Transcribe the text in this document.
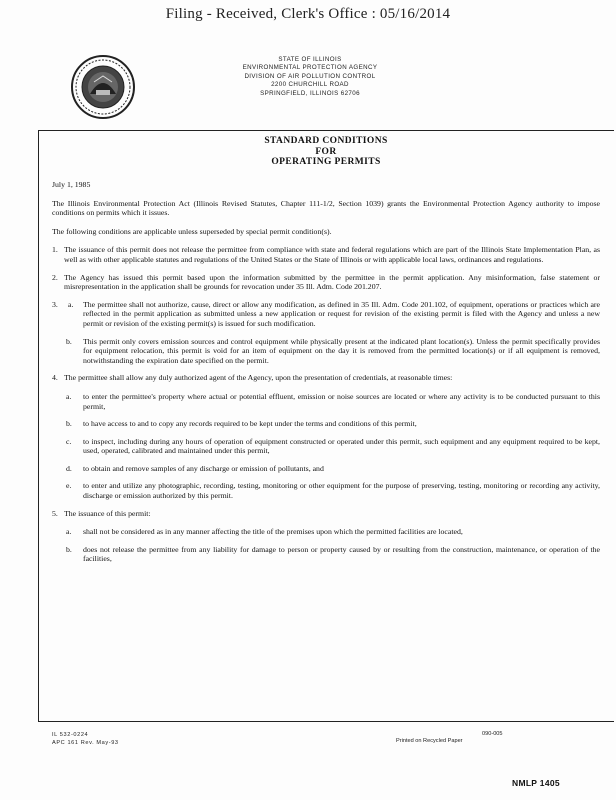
Filing - Received, Clerk's Office : 05/16/2014
STATE OF ILLINOIS
ENVIRONMENTAL PROTECTION AGENCY
DIVISION OF AIR POLLUTION CONTROL
2200 CHURCHILL ROAD
SPRINGFIELD, ILLINOIS 62706
STANDARD CONDITIONS
FOR
OPERATING PERMITS

July 1, 1985

The Illinois Environmental Protection Act (Illinois Revised Statutes, Chapter 111-1/2, Section 1039) grants the Environmental Protection Agency authority to impose conditions on permits which it issues.

The following conditions are applicable unless superseded by special permit condition(s).

1. The issuance of this permit does not release the permittee from compliance with state and federal regulations which are part of the Illinois State Implementation Plan, as well as with other applicable statutes and regulations of the United States or the State of Illinois or with applicable local laws, ordinances and regulations.
2. The Agency has issued this permit based upon the information submitted by the permittee in the permit application. Any misinformation, false statement or misrepresentation in the application shall be grounds for revocation under 35 Ill. Adm. Code 201.207.
3. a. The permittee shall not authorize, cause, direct or allow any modification, as defined in 35 Ill. Adm. Code 201.102, of equipment, operations or practices which are reflected in the permit application as submitted unless a new application or request for revision of the existing permit is filed with the Agency and unless a new permit or revision of the existing permit(s) is issued for such modification.
b. This permit only covers emission sources and control equipment while physically present at the indicated plant location(s). Unless the permit specifically provides for equipment relocation, this permit is void for an item of equipment on the day it is removed from the permitted location(s) or if all equipment is removed, notwithstanding the expiration date specified on the permit.
4. The permittee shall allow any duly authorized agent of the Agency, upon the presentation of credentials, at reasonable times:
a. to enter the permittee's property where actual or potential effluent, emission or noise sources are located or where any activity is to be conducted pursuant to this permit,
b. to have access to and to copy any records required to be kept under the terms and conditions of this permit,
c. to inspect, including during any hours of operation of equipment constructed or operated under this permit, such equipment and any equipment required to be kept, used, operated, calibrated and maintained under this permit,
d. to obtain and remove samples of any discharge or emission of pollutants, and
e. to enter and utilize any photographic, recording, testing, monitoring or other equipment for the purpose of preserving, testing, monitoring or recording any activity, discharge or emission authorized by this permit.
5. The issuance of this permit:
a. shall not be considered as in any manner affecting the title of the premises upon which the permitted facilities are located,
b. does not release the permittee from any liability for damage to person or property caused by or resulting from the construction, maintenance, or operation of the facilities,
IL 532-0224
APC 161 Rev. May-93	Printed on Recycled Paper
090-005
NMLP 1405
